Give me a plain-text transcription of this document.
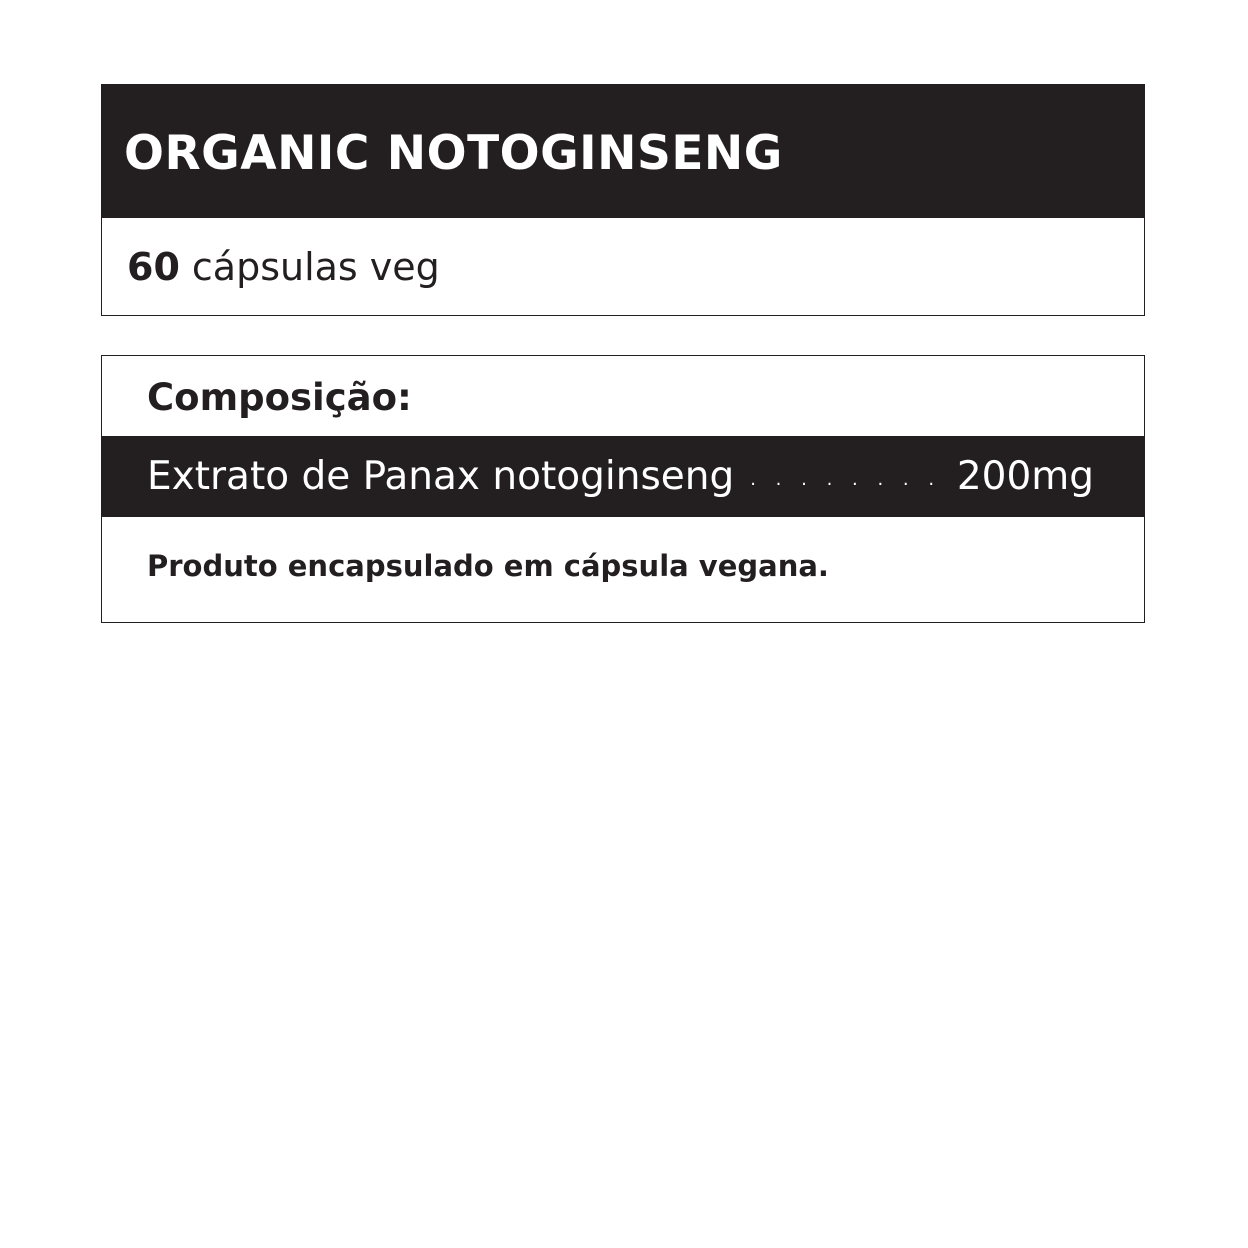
ORGANIC NOTOGINSENG
60 cápsulas veg
Composição:
Extrato de Panax notoginseng . . . . . . . . 200mg
Produto encapsulado em cápsula vegana.
